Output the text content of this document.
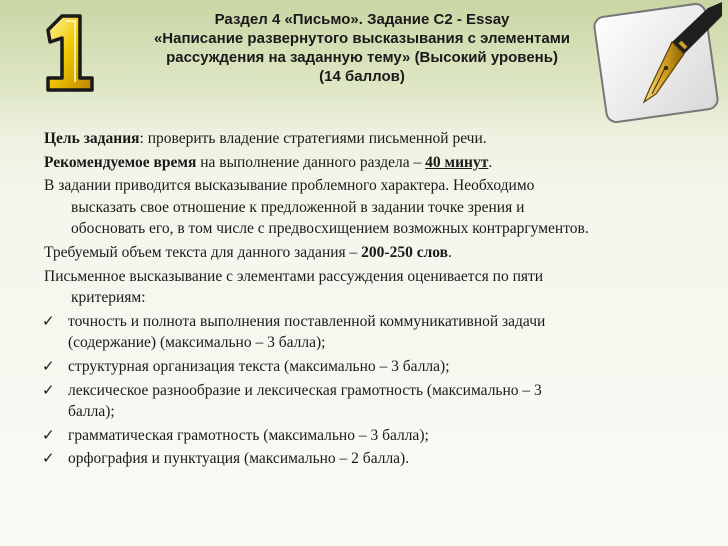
Раздел 4 «Письмо». Задание С2 - Essay
«Написание развернутого высказывания с элементами
рассуждения на заданную тему» (Высокий уровень)
(14 баллов)
Цель задания: проверить владение стратегиями письменной речи.
Рекомендуемое время на выполнение данного раздела – 40 минут.
В задании приводится высказывание проблемного характера. Необходимо
высказать свое отношение к предложенной в задании точке зрения и
обосновать его, в том числе с предвосхищением возможных контраргументов.
Требуемый объем текста для данного задания – 200-250 слов.
Письменное высказывание с элементами рассуждения оценивается по пяти
критериям:
✓ точность и полнота выполнения поставленной коммуникативной задачи
(содержание) (максимально – 3 балла);
✓ структурная организация текста (максимально – 3 балла);
✓ лексическое разнообразие и лексическая грамотность (максимально – 3
балла);
✓ грамматическая грамотность (максимально – 3 балла);
✓ орфография и пунктуация (максимально – 2 балла).
